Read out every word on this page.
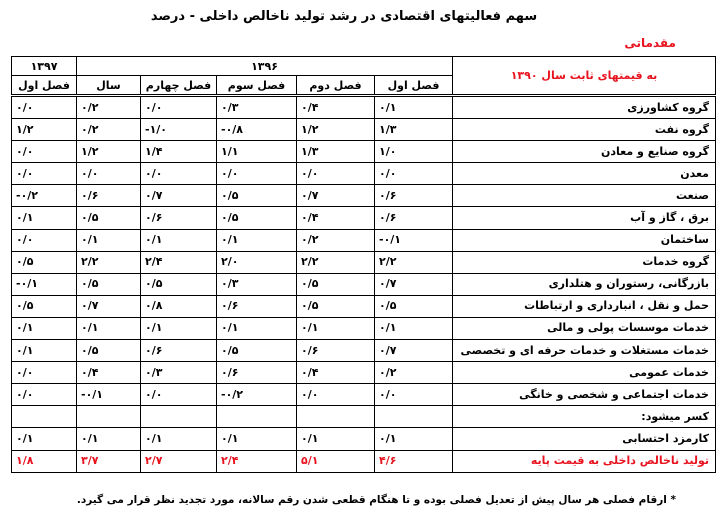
سهم فعالیتهای اقتصادی در رشد تولید ناخالص داخلی - درصد
مقدماتی
به قیمتهای ثابت سال ۱۳۹۰	۱۳۹۶					۱۳۹۷
	فصل اول	فصل دوم	فصل سوم	فصل چهارم	سال	فصل اول
گروه کشاورزی	۰/۱	۰/۴	۰/۳	۰/۰	۰/۲	۰/۰
گروه نفت	۱/۳	۱/۲	-۰/۸	-۱/۰	۰/۲	۱/۲
گروه صنایع و معادن	۱/۰	۱/۳	۱/۱	۱/۴	۱/۲	۰/۰
معدن	۰/۰	۰/۰	۰/۰	۰/۰	۰/۰	۰/۰
صنعت	۰/۶	۰/۷	۰/۵	۰/۷	۰/۶	-۰/۲
برق ، گاز و آب	۰/۶	۰/۴	۰/۵	۰/۶	۰/۵	۰/۱
ساختمان	-۰/۱	۰/۲	۰/۱	۰/۱	۰/۱	۰/۰
گروه خدمات	۲/۲	۲/۲	۲/۰	۲/۴	۲/۲	۰/۵
بازرگانی، رستوران و هتلداری	۰/۷	۰/۵	۰/۳	۰/۵	۰/۵	-۰/۱
حمل و نقل ، انبارداری و ارتباطات	۰/۵	۰/۵	۰/۶	۰/۸	۰/۷	۰/۵
خدمات موسسات پولی و مالی	۰/۱	۰/۱	۰/۱	۰/۱	۰/۱	۰/۱
خدمات مستغلات و خدمات حرفه ای و تخصصی	۰/۷	۰/۶	۰/۵	۰/۶	۰/۵	۰/۱
خدمات عمومی	۰/۲	۰/۴	۰/۶	۰/۳	۰/۴	۰/۰
خدمات اجتماعی و شخصی و خانگی	۰/۰	۰/۰	-۰/۲	۰/۰	-۰/۱	۰/۰
کسر میشود:						
کارمزد احتسابی	۰/۱	۰/۱	۰/۱	۰/۱	۰/۱	۰/۱
تولید ناخالص داخلی به قیمت پایه	۴/۶	۵/۱	۲/۴	۲/۷	۳/۷	۱/۸
* ارقام فصلی هر سال پیش از تعدیل فصلی بوده و تا هنگام قطعی شدن رقم سالانه، مورد تجدید نظر قرار می گیرد.
